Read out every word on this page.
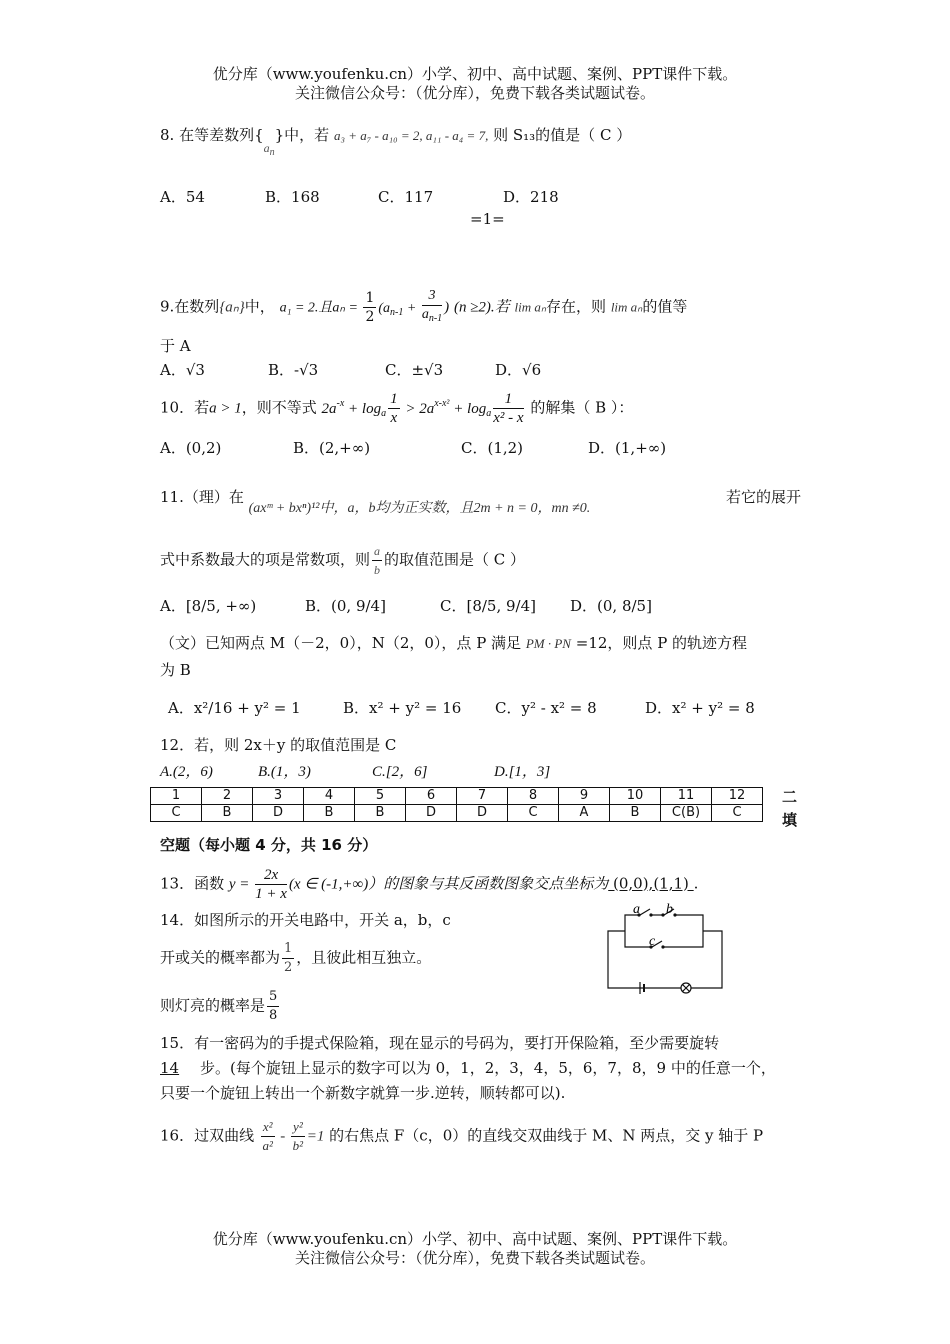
优分库（www.youfenku.cn）小学、初中、高中试题、案例、PPT课件下载。
关注微信公众号：（优分库），免费下载各类试题试卷。
8. 在等差数列$\{_{a_n}\}$中，若 a₃ + a₇ - a₁₀ = 2, a₁₁ - a₄ = 7, 则 S₁₃的值是（ C ）
A．54	B．168	C．117	D．218
=1=
9.在数列{aₙ}中， a₁ = 2.且$a_n = \frac{1}{2} (a_{n-1} + \frac{3}{a_{n-1}}$ ) (n ≥2).若 lim aₙ存在，则 lim aₙ的值等
于 A
A．√3	B．-√3	C．±√3	D．√6
10．若a > 1，则不等式 $2a^{-x} + \log_a \frac{1}{x} > 2a^{x-x^2} + \log_a \frac{1}{\text{x² - x}}$ 的解集（ B ）：
A．(0,2)	B．(2,+∞)	C．(1,2)	D．(1,+∞)
11.（理）在 (axᵐ + bxⁿ)¹²中，a，b均为正实数，且2m + n = 0，mn ≠0.
若它的展开
式中系数最大的项是常数项，则 $\frac{a}{b}$ 的取值范围是（ C ）
A．[8/5, +∞)	B．(0, 9/4]	C．[8/5, 9/4] D．(0, 8/5]
（文）已知两点 M（－2，0），N（2，0），点 P 满足 PM · PN =12，则点 P 的轨迹方程
为 B
A．x²/16 + y² = 1	B．x² + y² = 16 C．y² - x² = 8	D．x² + y² = 8
12．若，则 2x＋y 的取值范围是 C
A.(2，6)	B.(1，3)	C.[2，6]	D.[1，3]
1	2	3	4	5	6	7	8	9	10	11	12
C	B	D	B	B	D	D	C	A	B	C(B)	C
二
填
空题（每小题 4 分，共 16 分）
13．函数 $y = \frac{2x}{1 + x} (x$ ∈ (-1,+∞)）的图象与其反函数图象交点坐标为 (0,0),(1,1) .
14．如图所示的开关电路中，开关 a，b，c
开或关的概率都为 $\frac{1}{2}$ ，且彼此相互独立。
则灯亮的概率是 $\frac{5}{8}$
a b
c
15．有一密码为的手提式保险箱，现在显示的号码为，要打开保险箱，至少需要旋转
14 步。(每个旋钮上显示的数字可以为 0，1，2，3，4，5，6，7，8，9 中的任意一个，
只要一个旋钮上转出一个新数字就算一步.逆转，顺转都可以).
16．过双曲线 $\frac{\text{x²}}{\text{a²}} - \frac{\text{y²}}{\text{b²}} =1$ 的右焦点 F（c，0）的直线交双曲线于 M、N 两点，交 y 轴于 P
优分库（www.youfenku.cn）小学、初中、高中试题、案例、PPT课件下载。
关注微信公众号：（优分库），免费下载各类试题试卷。
